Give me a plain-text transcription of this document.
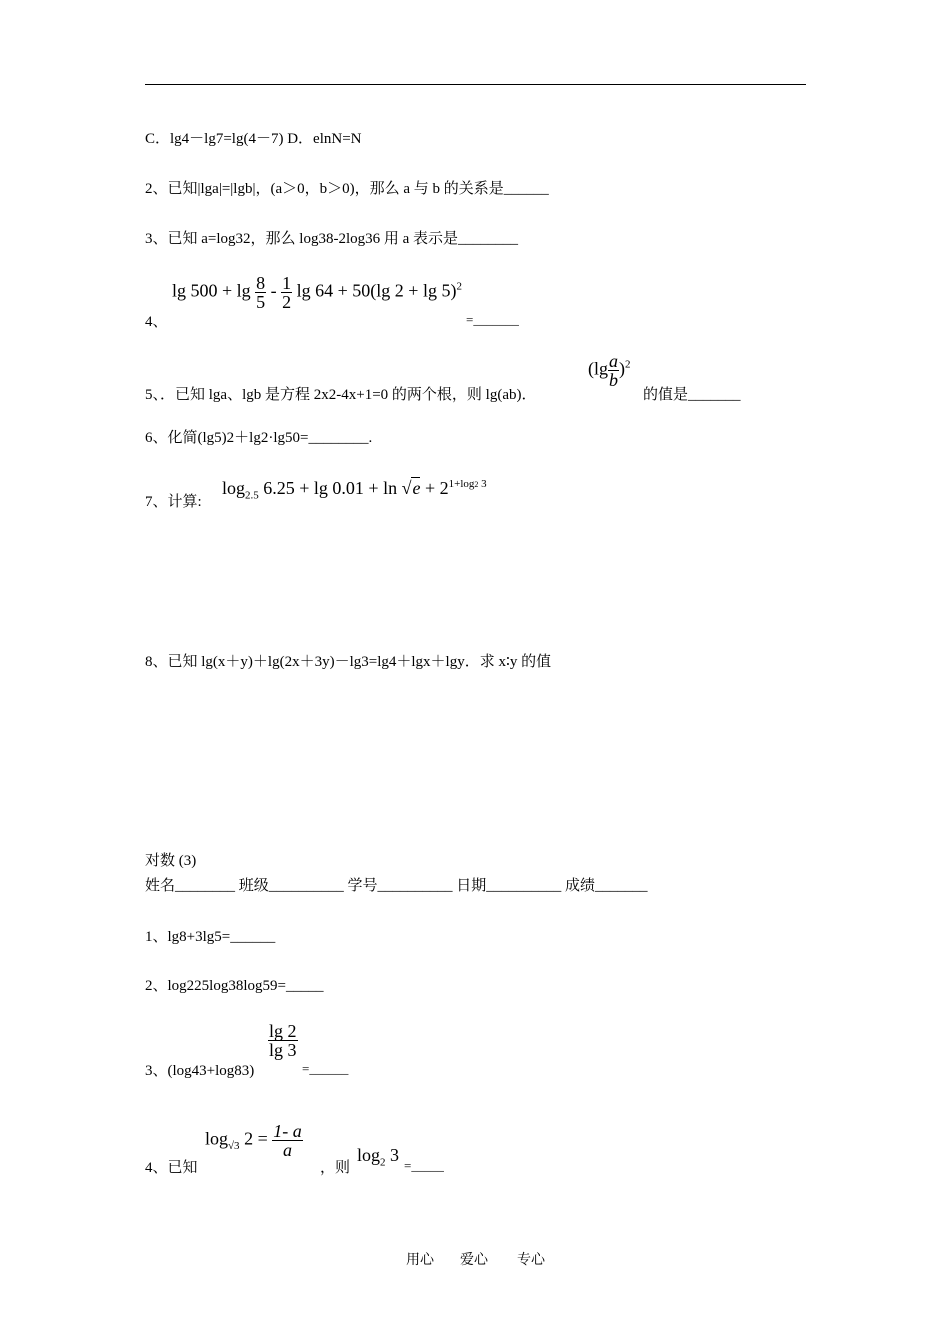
C．lg4－lg7=lg(4－7) D．elnN=N
2、已知|lga|=|lgb|，(a＞0，b＞0)，那么 a 与 b 的关系是______
3、已知 a=log32，那么 log38-2log36 用 a 表示是________
4、
$\lg 500 + \lg \frac{8}{5} - \frac{1}{2}$ lg 64 + 50(lg 2 + lg 5)$^2$
=_______
5、．已知 lga、lgb 是方程 2x2-4x+1=0 的两个根，则 lg(ab)．
$(\lg \frac{a}{b} )^2$
的值是_______
6、化简(lg5)2＋lg2·lg50=________.
7、计算:
$\log_{2.5} 6.25 + \lg 0.01 + \ln √e + 2^{1+log2 3}$
8、已知 lg(x＋y)＋lg(2x＋3y)－lg3=lg4＋lgx＋lgy．求 x∶y 的值
对数 (3)
姓名________ 班级__________ 学号__________ 日期__________ 成绩_______
1、lg8+3lg5=______
2、log225log38log59=_____
3、(log43+log83)
$\frac{\lg 2}{\lg 3}$
=______
4、已知
$\log_{√3} 2 = \frac{1- a}{a}$
，则
$\log_2 3$
=_____
用心 爱心 专心
